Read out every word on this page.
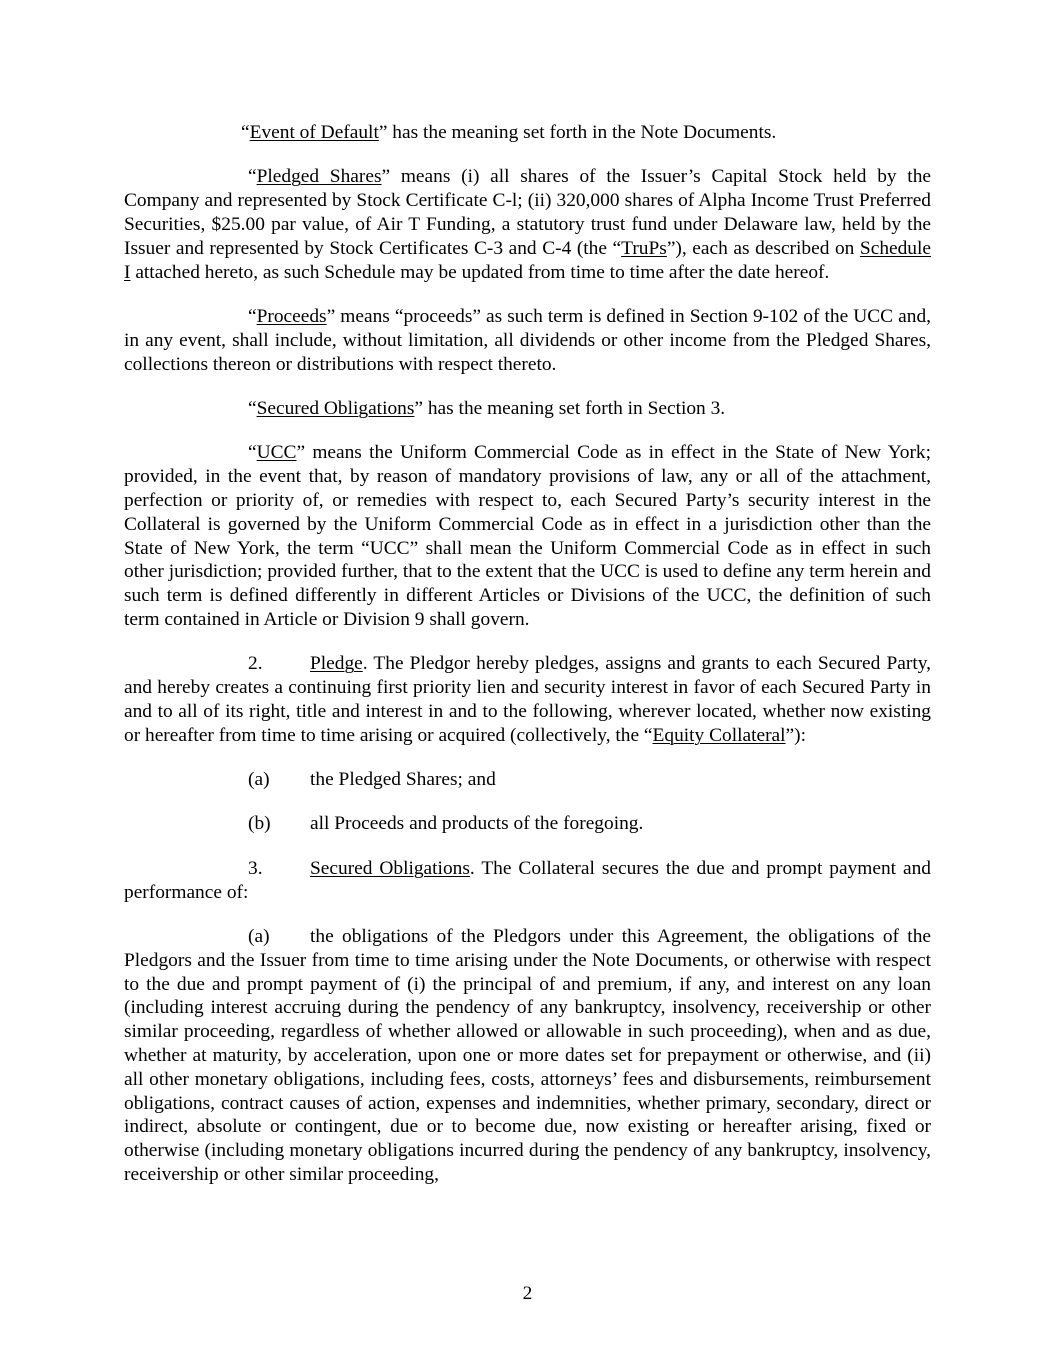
“Event of Default” has the meaning set forth in the Note Documents.

“Pledged Shares” means (i) all shares of the Issuer’s Capital Stock held by the Company and represented by Stock Certificate C-l; (ii) 320,000 shares of Alpha Income Trust Preferred Securities, $25.00 par value, of Air T Funding, a statutory trust fund under Delaware law, held by the Issuer and represented by Stock Certificates C-3 and C-4 (the “TruPs”), each as described on Schedule I attached hereto, as such Schedule may be updated from time to time after the date hereof.

“Proceeds” means “proceeds” as such term is defined in Section 9-102 of the UCC and, in any event, shall include, without limitation, all dividends or other income from the Pledged Shares, collections thereon or distributions with respect thereto.

“Secured Obligations” has the meaning set forth in Section 3.

“UCC” means the Uniform Commercial Code as in effect in the State of New York; provided, in the event that, by reason of mandatory provisions of law, any or all of the attachment, perfection or priority of, or remedies with respect to, each Secured Party’s security interest in the Collateral is governed by the Uniform Commercial Code as in effect in a jurisdiction other than the State of New York, the term “UCC” shall mean the Uniform Commercial Code as in effect in such other jurisdiction; provided further, that to the extent that the UCC is used to define any term herein and such term is defined differently in different Articles or Divisions of the UCC, the definition of such term contained in Article or Division 9 shall govern.

2. Pledge. The Pledgor hereby pledges, assigns and grants to each Secured Party, and hereby creates a continuing first priority lien and security interest in favor of each Secured Party in and to all of its right, title and interest in and to the following, wherever located, whether now existing or hereafter from time to time arising or acquired (collectively, the “Equity Collateral”):

(a) the Pledged Shares; and
(b) all Proceeds and products of the foregoing.

3. Secured Obligations. The Collateral secures the due and prompt payment and performance of:

(a) the obligations of the Pledgors under this Agreement, the obligations of the Pledgors and the Issuer from time to time arising under the Note Documents, or otherwise with respect to the due and prompt payment of (i) the principal of and premium, if any, and interest on any loan (including interest accruing during the pendency of any bankruptcy, insolvency, receivership or other similar proceeding, regardless of whether allowed or allowable in such proceeding), when and as due, whether at maturity, by acceleration, upon one or more dates set for prepayment or otherwise, and (ii) all other monetary obligations, including fees, costs, attorneys’ fees and disbursements, reimbursement obligations, contract causes of action, expenses and indemnities, whether primary, secondary, direct or indirect, absolute or contingent, due or to become due, now existing or hereafter arising, fixed or otherwise (including monetary obligations incurred during the pendency of any bankruptcy, insolvency, receivership or other similar proceeding,

2
